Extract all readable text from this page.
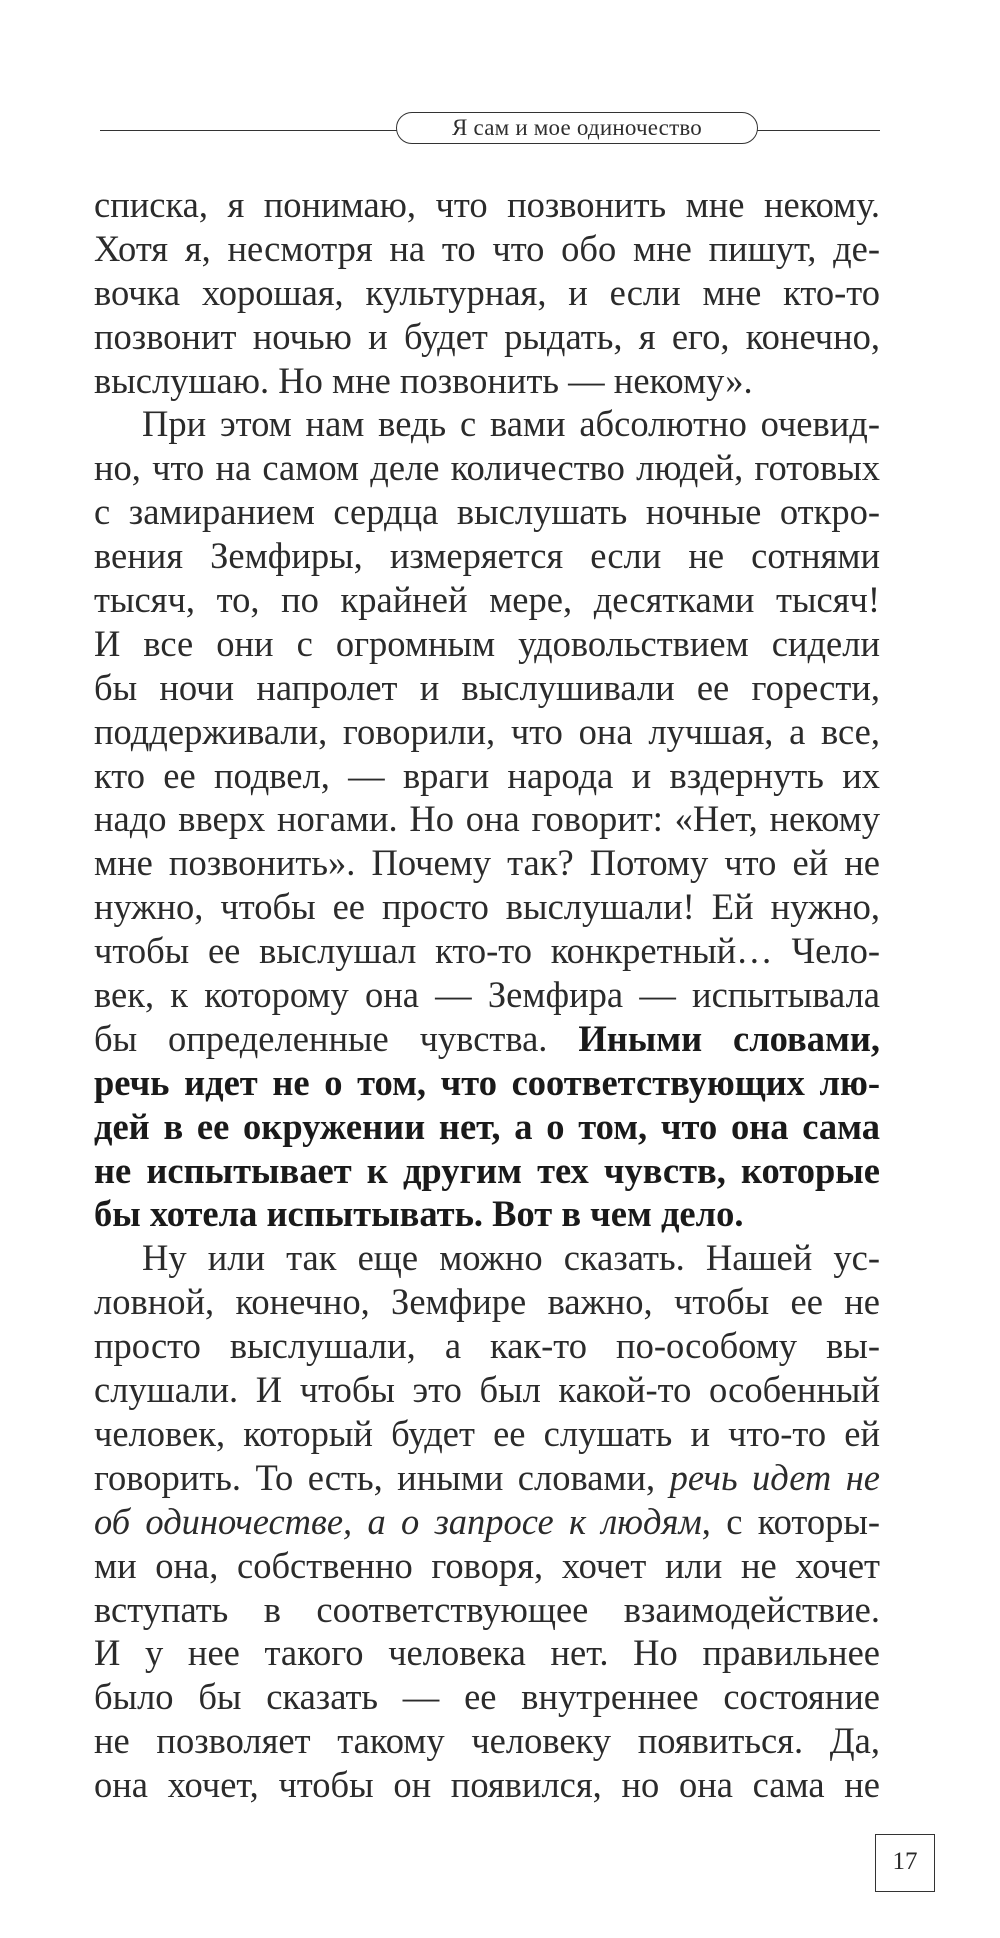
Я сам и мое одиночество
списка, я понимаю, что позвонить мне некому.
Хотя я, несмотря на то что обо мне пишут, де-
вочка хорошая, культурная, и если мне кто-то
позвонит ночью и будет рыдать, я его, конечно,
выслушаю. Но мне позвонить — некому».
При этом нам ведь с вами абсолютно очевид-
но, что на самом деле количество людей, готовых
с замиранием сердца выслушать ночные откро-
вения Земфиры, измеряется если не сотнями
тысяч, то, по крайней мере, десятками тысяч!
И все они с огромным удовольствием сидели
бы ночи напролет и выслушивали ее горести,
поддерживали, говорили, что она лучшая, а все,
кто ее подвел, — враги народа и вздернуть их
надо вверх ногами. Но она говорит: «Нет, некому
мне позвонить». Почему так? Потому что ей не
нужно, чтобы ее просто выслушали! Ей нужно,
чтобы ее выслушал кто-то конкретный… Чело-
век, к которому она — Земфира — испытывала
бы определенные чувства. Иными словами,
речь идет не о том, что соответствующих лю-
дей в ее окружении нет, а о том, что она сама
не испытывает к другим тех чувств, которые
бы хотела испытывать. Вот в чем дело.
Ну или так еще можно сказать. Нашей ус-
ловной, конечно, Земфире важно, чтобы ее не
просто выслушали, а как-то по-особому вы-
слушали. И чтобы это был какой-то особенный
человек, который будет ее слушать и что-то ей
говорить. То есть, иными словами, речь идет не
об одиночестве, а о запросе к людям, с которы-
ми она, собственно говоря, хочет или не хочет
вступать в соответствующее взаимодействие.
И у нее такого человека нет. Но правильнее
было бы сказать — ее внутреннее состояние
не позволяет такому человеку появиться. Да,
она хочет, чтобы он появился, но она сама не
17
